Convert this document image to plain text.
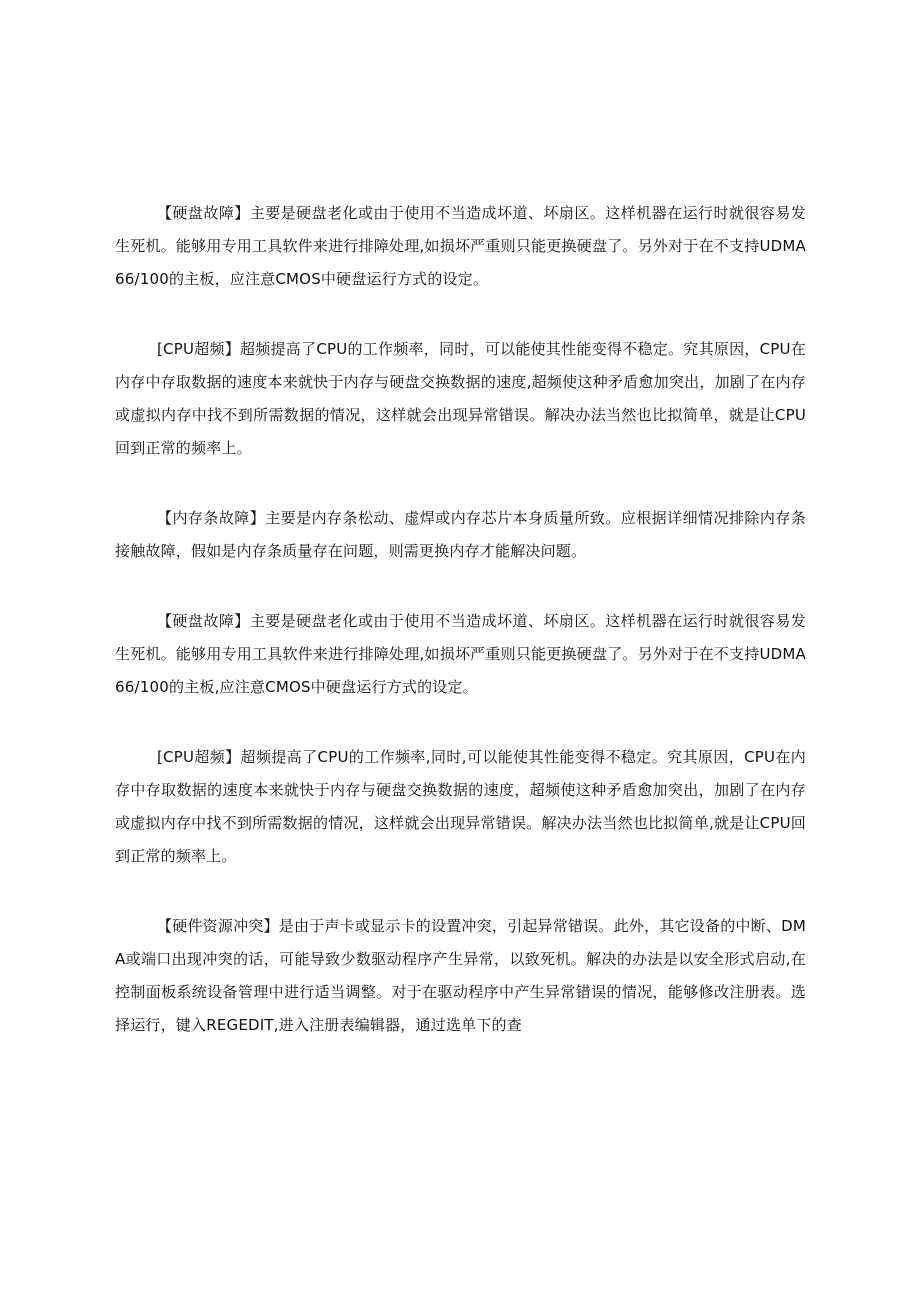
【硬盘故障】主要是硬盘老化或由于使用不当造成坏道、坏扇区。这样机器在运行时就很容易发生死机。能够用专用工具软件来进行排障处理,如损坏严重则只能更换硬盘了。另外对于在不支持UDMA66/100的主板，应注意CMOS中硬盘运行方式的设定。

[CPU超频】超频提高了CPU的工作频率，同时，可以能使其性能变得不稳定。究其原因，CPU在内存中存取数据的速度本来就快于内存与硬盘交换数据的速度,超频使这种矛盾愈加突出，加剧了在内存或虚拟内存中找不到所需数据的情况，这样就会出现异常错误。解决办法当然也比拟简单，就是让CPU回到正常的频率上。

【内存条故障】主要是内存条松动、虚焊或内存芯片本身质量所致。应根据详细情况排除内存条接触故障，假如是内存条质量存在问题，则需更换内存才能解决问题。

【硬盘故障】主要是硬盘老化或由于使用不当造成坏道、坏扇区。这样机器在运行时就很容易发生死机。能够用专用工具软件来进行排障处理,如损坏严重则只能更换硬盘了。另外对于在不支持UDMA66/100的主板,应注意CMOS中硬盘运行方式的设定。

[CPU超频】超频提高了CPU的工作频率,同时,可以能使其性能变得不稳定。究其原因，CPU在内存中存取数据的速度本来就快于内存与硬盘交换数据的速度，超频使这种矛盾愈加突出，加剧了在内存或虚拟内存中找不到所需数据的情况，这样就会出现异常错误。解决办法当然也比拟简单,就是让CPU回到正常的频率上。

【硬件资源冲突】是由于声卡或显示卡的设置冲突，引起异常错误。此外，其它设备的中断、DMA或端口出现冲突的话，可能导致少数驱动程序产生异常，以致死机。解决的办法是以安全形式启动,在控制面板系统设备管理中进行适当调整。对于在驱动程序中产生异常错误的情况，能够修改注册表。选择运行，键入REGEDIT,进入注册表编辑器，通过选单下的查
